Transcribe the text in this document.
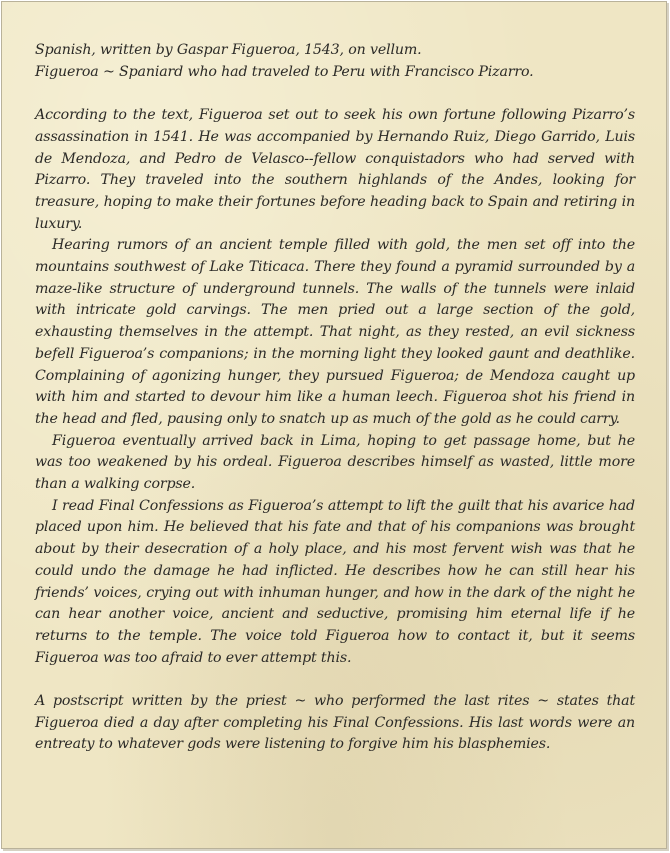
Spanish, written by Gaspar Figueroa, 1543, on vellum.

Figueroa ~ Spaniard who had traveled to Peru with Francisco Pizarro.

According to the text, Figueroa set out to seek his own fortune following Pizarro’s assassination in 1541. He was accompanied by Hernando Ruiz, Diego Garrido, Luis de Mendoza, and Pedro de Velasco--fellow conquistadors who had served with Pizarro. They traveled into the southern highlands of the Andes, looking for treasure, hoping to make their fortunes before heading back to Spain and retiring in luxury.

Hearing rumors of an ancient temple filled with gold, the men set off into the mountains southwest of Lake Titicaca. There they found a pyramid surrounded by a maze-like structure of underground tunnels. The walls of the tunnels were inlaid with intricate gold carvings. The men pried out a large section of the gold, exhausting themselves in the attempt. That night, as they rested, an evil sickness befell Figueroa’s companions; in the morning light they looked gaunt and deathlike. Complaining of agonizing hunger, they pursued Figueroa; de Mendoza caught up with him and started to devour him like a human leech. Figueroa shot his friend in the head and fled, pausing only to snatch up as much of the gold as he could carry.

Figueroa eventually arrived back in Lima, hoping to get passage home, but he was too weakened by his ordeal. Figueroa describes himself as wasted, little more than a walking corpse.

I read Final Confessions as Figueroa’s attempt to lift the guilt that his avarice had placed upon him. He believed that his fate and that of his companions was brought about by their desecration of a holy place, and his most fervent wish was that he could undo the damage he had inflicted. He describes how he can still hear his friends’ voices, crying out with inhuman hunger, and how in the dark of the night he can hear another voice, ancient and seductive, promising him eternal life if he returns to the temple. The voice told Figueroa how to contact it, but it seems Figueroa was too afraid to ever attempt this.

A postscript written by the priest ~ who performed the last rites ~ states that Figueroa died a day after completing his Final Confessions. His last words were an entreaty to whatever gods were listening to forgive him his blasphemies.
